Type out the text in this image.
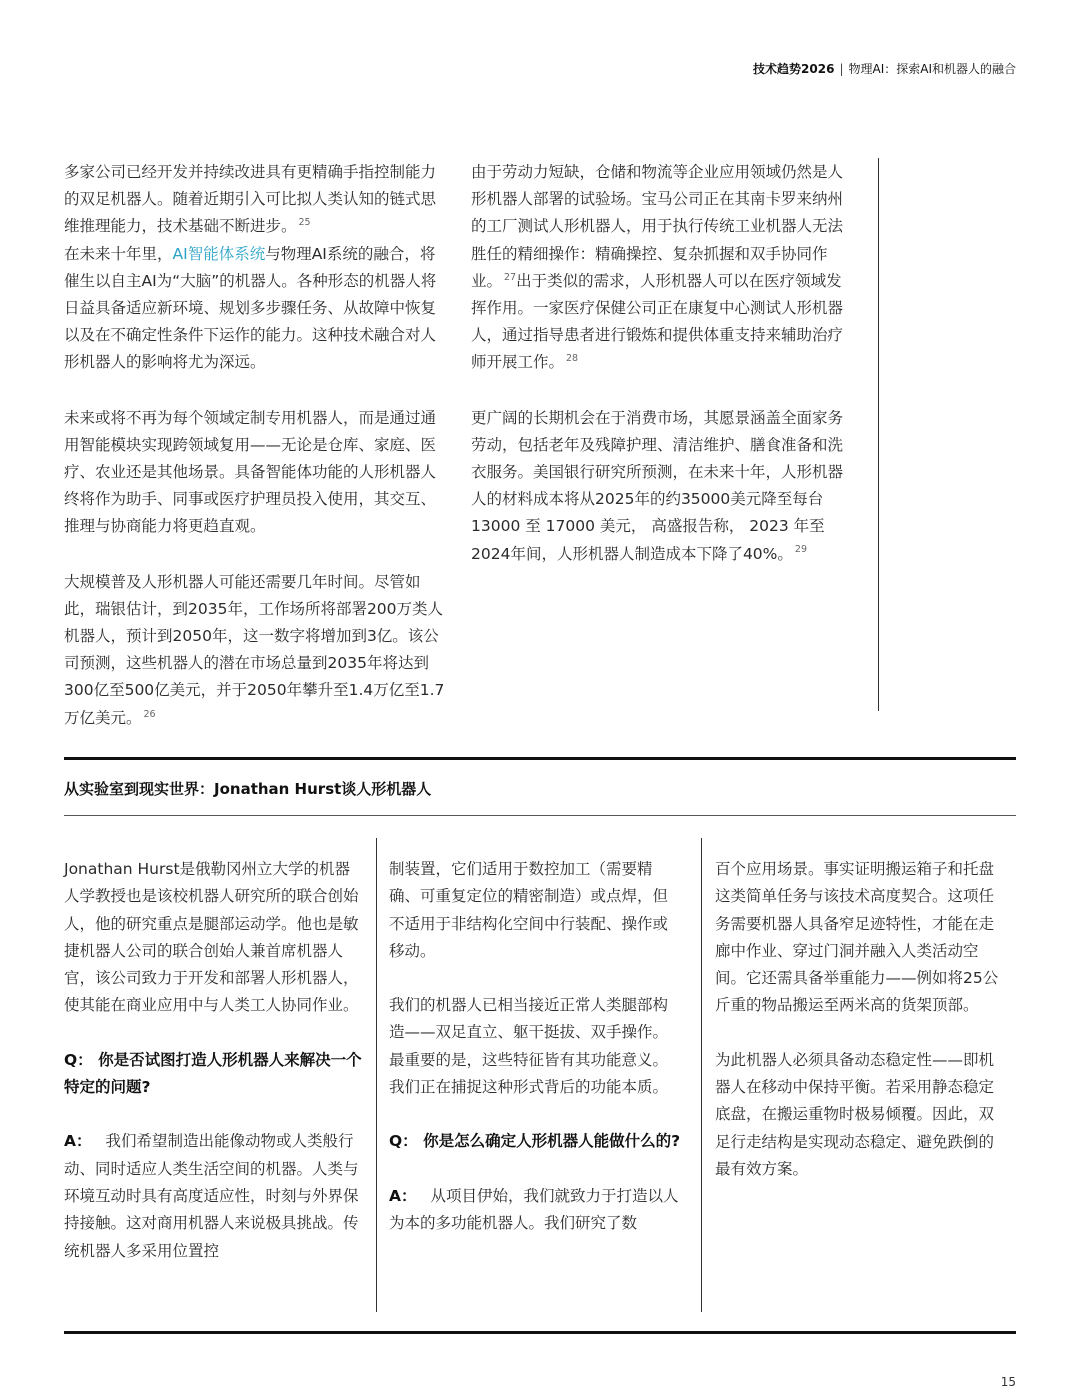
技术趋势2026 | 物理AI：探索AI和机器人的融合

多家公司已经开发并持续改进具有更精确手指控制能力的双足机器人。随着近期引入可比拟人类认知的链式思维推理能力，技术基础不断进步。 $^{25}$

在未来十年里，AI智能体系统与物理AI系统的融合，将催生以自主AI为“大脑”的机器人。各种形态的机器人将日益具备适应新环境、规划多步骤任务、从故障中恢复以及在不确定性条件下运作的能力。这种技术融合对人形机器人的影响将尤为深远。

未来或将不再为每个领域定制专用机器人，而是通过通用智能模块实现跨领域复用——无论是仓库、家庭、医疗、农业还是其他场景。具备智能体功能的人形机器人终将作为助手、同事或医疗护理员投入使用，其交互、推理与协商能力将更趋直观。

大规模普及人形机器人可能还需要几年时间。尽管如此，瑞银估计，到2035年，工作场所将部署200万类人机器人，预计到2050年，这一数字将增加到3亿。该公司预测，这些机器人的潜在市场总量到2035年将达到300亿至500亿美元，并于2050年攀升至1.4万亿至1.7万亿美元。 $^{26}$

由于劳动力短缺，仓储和物流等企业应用领域仍然是人形机器人部署的试验场。宝马公司正在其南卡罗来纳州的工厂测试人形机器人，用于执行传统工业机器人无法胜任的精细操作：精确操控、复杂抓握和双手协同作业。 $^{27}$出于类似的需求，人形机器人可以在医疗领域发挥作用。一家医疗保健公司正在康复中心测试人形机器人，通过指导患者进行锻炼和提供体重支持来辅助治疗师开展工作。 $^{28}$

更广阔的长期机会在于消费市场，其愿景涵盖全面家务劳动，包括老年及残障护理、清洁维护、膳食准备和洗衣服务。美国银行研究所预测，在未来十年，人形机器人的材料成本将从2025年的约35000美元降至每台 13000 至 17000 美元， 高盛报告称， 2023 年至 2024年间，人形机器人制造成本下降了40%。 $^{29}$

从实验室到现实世界：Jonathan Hurst谈人形机器人

Jonathan Hurst是俄勒冈州立大学的机器人学教授也是该校机器人研究所的联合创始人，他的研究重点是腿部运动学。他也是敏捷机器人公司的联合创始人兼首席机器人官，该公司致力于开发和部署人形机器人，使其能在商业应用中与人类工人协同作业。

Q： 你是否试图打造人形机器人来解决一个特定的问题?

A： 我们希望制造出能像动物或人类般行动、同时适应人类生活空间的机器。人类与环境互动时具有高度适应性，时刻与外界保持接触。这对商用机器人来说极具挑战。传统机器人多采用位置控

制装置，它们适用于数控加工（需要精确、可重复定位的精密制造）或点焊，但不适用于非结构化空间中行装配、操作或移动。

我们的机器人已相当接近正常人类腿部构造——双足直立、躯干挺拔、双手操作。最重要的是，这些特征皆有其功能意义。我们正在捕捉这种形式背后的功能本质。

Q： 你是怎么确定人形机器人能做什么的?

A： 从项目伊始，我们就致力于打造以人为本的多功能机器人。我们研究了数

百个应用场景。事实证明搬运箱子和托盘这类简单任务与该技术高度契合。这项任务需要机器人具备窄足迹特性，才能在走廊中作业、穿过门洞并融入人类活动空间。它还需具备举重能力——例如将25公斤重的物品搬运至两米高的货架顶部。

为此机器人必须具备动态稳定性——即机器人在移动中保持平衡。若采用静态稳定底盘，在搬运重物时极易倾覆。因此，双足行走结构是实现动态稳定、避免跌倒的最有效方案。

15
